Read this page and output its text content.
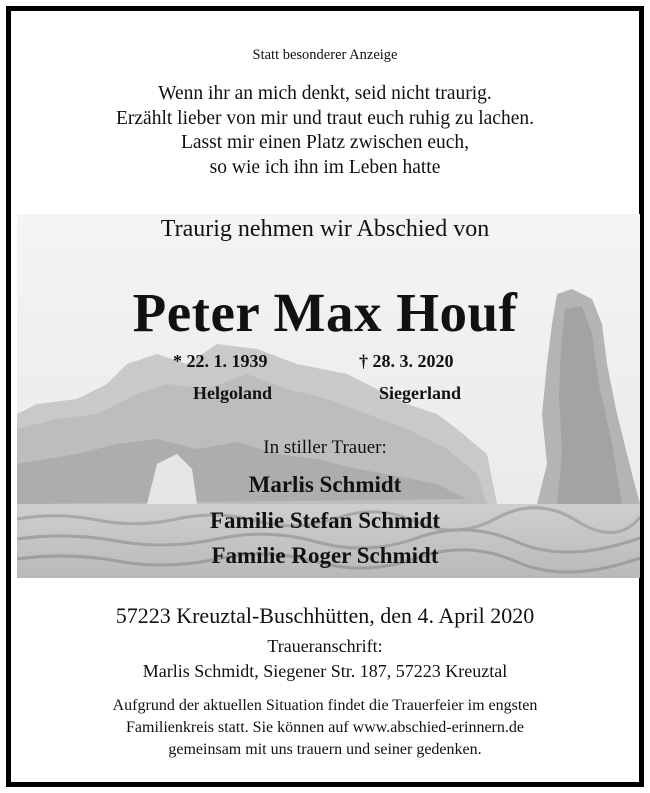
Statt besonderer Anzeige
Wenn ihr an mich denkt, seid nicht traurig.
Erzählt lieber von mir und traut euch ruhig zu lachen.
Lasst mir einen Platz zwischen euch,
so wie ich ihn im Leben hatte
Traurig nehmen wir Abschied von
Peter Max Houf
* 22. 1. 1939	† 28. 3. 2020
Helgoland	Siegerland
In stiller Trauer:
Marlis Schmidt
Familie Stefan Schmidt
Familie Roger Schmidt
57223 Kreuztal-Buschhütten, den 4. April 2020
Traueranschrift:
Marlis Schmidt, Siegener Str. 187, 57223 Kreuztal
Aufgrund der aktuellen Situation findet die Trauerfeier im engsten
Familienkreis statt. Sie können auf www.abschied-erinnern.de
gemeinsam mit uns trauern und seiner gedenken.
